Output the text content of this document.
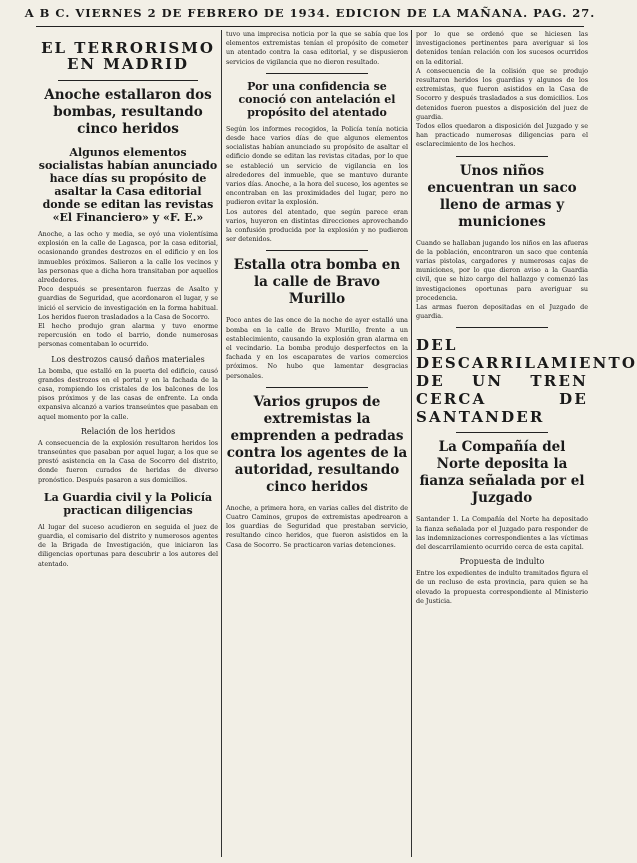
A B C. VIERNES 2 DE FEBRERO DE 1934. EDICION DE LA MAÑANA. PAG. 27.
EL TERRORISMO EN MADRID
Anoche estallaron dos bombas, resultando cinco heridos
Algunos elementos socialistas habían anunciado hace días su propósito de asaltar la Casa editorial donde se editan las revistas «El Financiero» y «F. E.»

Anoche, a las ocho y media, se oyó una violentísima explosión en la calle de Lagasca, por la casa editorial, ocasionando grandes destrozos en el edificio y en los inmuebles próximos. Salieron a la calle los vecinos y las personas que a dicha hora transitaban por aquellos alrededores.

Poco después se presentaron fuerzas de Asalto y guardias de Seguridad, que acordonaron el lugar, y se inició el servicio de investigación en la forma habitual. Los heridos fueron trasladados a la Casa de Socorro.

El hecho produjo gran alarma y tuvo enorme repercusión en todo el barrio, donde numerosas personas comentaban lo ocurrido.

Los destrozos causó daños materiales

La bomba, que estalló en la puerta del edificio, causó grandes destrozos en el portal y en la fachada de la casa, rompiendo los cristales de los balcones de los pisos próximos y de las casas de enfrente. La onda expansiva alcanzó a varios transeúntes que pasaban en aquel momento por la calle.

Relación de los heridos

A consecuencia de la explosión resultaron heridos los transeúntes que pasaban por aquel lugar, a los que se prestó asistencia en la Casa de Socorro del distrito, donde fueron curados de heridas de diverso pronóstico. Después pasaron a sus domicilios.

La Guardia civil y la Policía practican diligencias

Al lugar del suceso acudieron en seguida el juez de guardia, el comisario del distrito y numerosos agentes de la Brigada de Investigación, que iniciaron las diligencias oportunas para descubrir a los autores del atentado.

tuvo una imprecisa noticia por la que se sabía que los elementos extremistas tenían el propósito de cometer un atentado contra la casa editorial, y se dispusieron servicios de vigilancia que no dieron resultado.

Por una confidencia se conoció con antelación el propósito del atentado

Según los informes recogidos, la Policía tenía noticia desde hace varios días de que algunos elementos socialistas habían anunciado su propósito de asaltar el edificio donde se editan las revistas citadas, por lo que se estableció un servicio de vigilancia en los alrededores del inmueble, que se mantuvo durante varios días. Anoche, a la hora del suceso, los agentes se encontraban en las proximidades del lugar, pero no pudieron evitar la explosión.

Los autores del atentado, que según parece eran varios, huyeron en distintas direcciones aprovechando la confusión producida por la explosión y no pudieron ser detenidos.

Estalla otra bomba en la calle de Bravo Murillo

Poco antes de las once de la noche de ayer estalló una bomba en la calle de Bravo Murillo, frente a un establecimiento, causando la explosión gran alarma en el vecindario. La bomba produjo desperfectos en la fachada y en los escaparates de varios comercios próximos. No hubo que lamentar desgracias personales.

Varios grupos de extremistas la emprenden a pedradas contra los agentes de la autoridad, resultando cinco heridos

Anoche, a primera hora, en varias calles del distrito de Cuatro Caminos, grupos de extremistas apedrearon a los guardias de Seguridad que prestaban servicio, resultando cinco heridos, que fueron asistidos en la Casa de Socorro. Se practicaron varias detenciones.

por lo que se ordenó que se hiciesen las investigaciones pertinentes para averiguar si los detenidos tenían relación con los sucesos ocurridos en la editorial.

A consecuencia de la colisión que se produjo resultaron heridos los guardias y algunos de los extremistas, que fueron asistidos en la Casa de Socorro y después trasladados a sus domicilios. Los detenidos fueron puestos a disposición del juez de guardia.

Todos ellos quedaron a disposición del Juzgado y se han practicado numerosas diligencias para el esclarecimiento de los hechos.

Unos niños encuentran un saco lleno de armas y municiones

Cuando se hallaban jugando los niños en las afueras de la población, encontraron un saco que contenía varias pistolas, cargadores y numerosas cajas de municiones, por lo que dieron aviso a la Guardia civil, que se hizo cargo del hallazgo y comenzó las investigaciones oportunas para averiguar su procedencia.

Las armas fueron depositadas en el Juzgado de guardia.

DEL DESCARRILAMIENTO DE UN TREN CERCA DE SANTANDER
La Compañía del Norte deposita la fianza señalada por el Juzgado

Santander 1. La Compañía del Norte ha depositado la fianza señalada por el Juzgado para responder de las indemnizaciones correspondientes a las víctimas del descarrilamiento ocurrido cerca de esta capital.

Propuesta de indulto

Entre los expedientes de indulto tramitados figura el de un recluso de esta provincia, para quien se ha elevado la propuesta correspondiente al Ministerio de Justicia.
